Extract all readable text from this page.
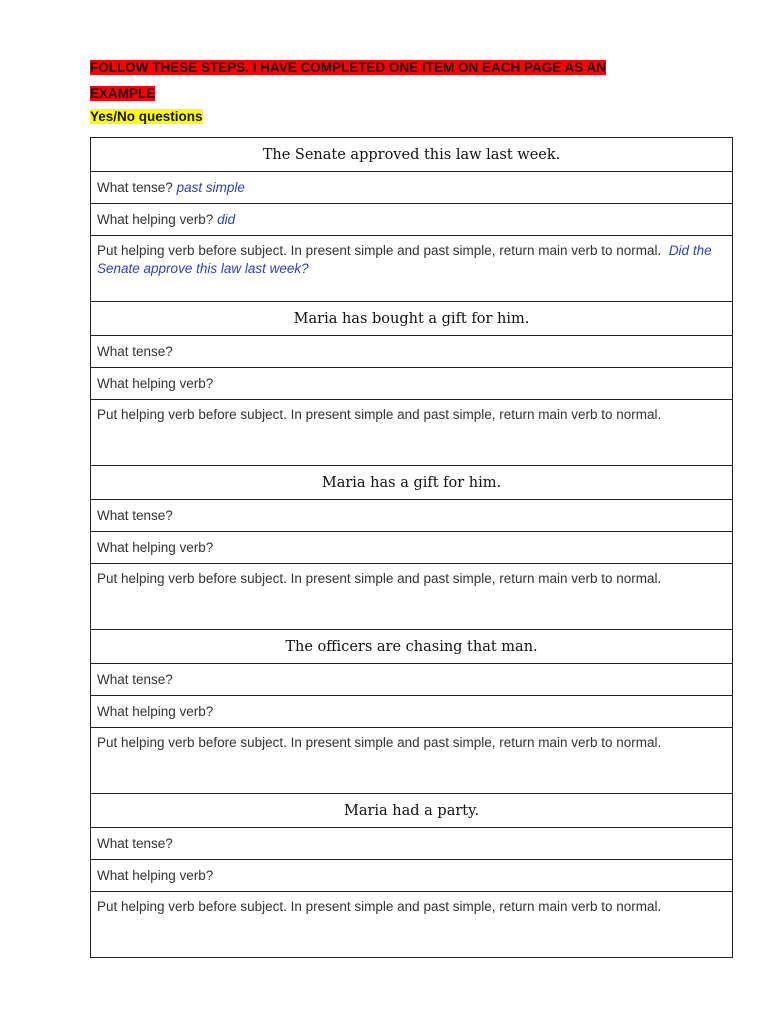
FOLLOW THESE STEPS. I HAVE COMPLETED ONE ITEM ON EACH PAGE AS AN
EXAMPLE
Yes/No questions
The Senate approved this law last week.
What tense? past simple
What helping verb? did
Put helping verb before subject. In present simple and past simple, return main verb to normal. Did the Senate approve this law last week?
Maria has bought a gift for him.
What tense?
What helping verb?
Put helping verb before subject. In present simple and past simple, return main verb to normal.
Maria has a gift for him.
What tense?
What helping verb?
Put helping verb before subject. In present simple and past simple, return main verb to normal.
The officers are chasing that man.
What tense?
What helping verb?
Put helping verb before subject. In present simple and past simple, return main verb to normal.
Maria had a party.
What tense?
What helping verb?
Put helping verb before subject. In present simple and past simple, return main verb to normal.
